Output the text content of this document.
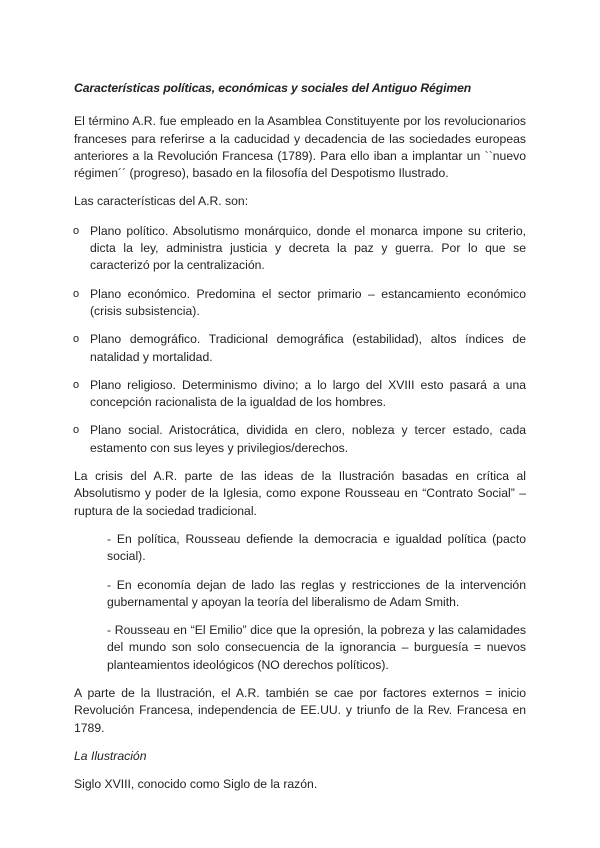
Características políticas, económicas y sociales del Antiguo Régimen

El término A.R. fue empleado en la Asamblea Constituyente por los revolucionarios franceses para referirse a la caducidad y decadencia de las sociedades europeas anteriores a la Revolución Francesa (1789). Para ello iban a implantar un ``nuevo régimen´´ (progreso), basado en la filosofía del Despotismo Ilustrado.

Las características del A.R. son:

o Plano político. Absolutismo monárquico, donde el monarca impone su criterio, dicta la ley, administra justicia y decreta la paz y guerra. Por lo que se caracterizó por la centralización.
o Plano económico. Predomina el sector primario – estancamiento económico (crisis subsistencia).
o Plano demográfico. Tradicional demográfica (estabilidad), altos índices de natalidad y mortalidad.
o Plano religioso. Determinismo divino; a lo largo del XVIII esto pasará a una concepción racionalista de la igualdad de los hombres.
o Plano social. Aristocrática, dividida en clero, nobleza y tercer estado, cada estamento con sus leyes y privilegios/derechos.

La crisis del A.R. parte de las ideas de la Ilustración basadas en crítica al Absolutismo y poder de la Iglesia, como expone Rousseau en “Contrato Social” – ruptura de la sociedad tradicional.

- En política, Rousseau defiende la democracia e igualdad política (pacto social).

- En economía dejan de lado las reglas y restricciones de la intervención gubernamental y apoyan la teoría del liberalismo de Adam Smith.

- Rousseau en “El Emilio” dice que la opresión, la pobreza y las calamidades del mundo son solo consecuencia de la ignorancia – burguesía = nuevos planteamientos ideológicos (NO derechos políticos).

A parte de la Ilustración, el A.R. también se cae por factores externos = inicio Revolución Francesa, independencia de EE.UU. y triunfo de la Rev. Francesa en 1789.

La Ilustración

Siglo XVIII, conocido como Siglo de la razón.
